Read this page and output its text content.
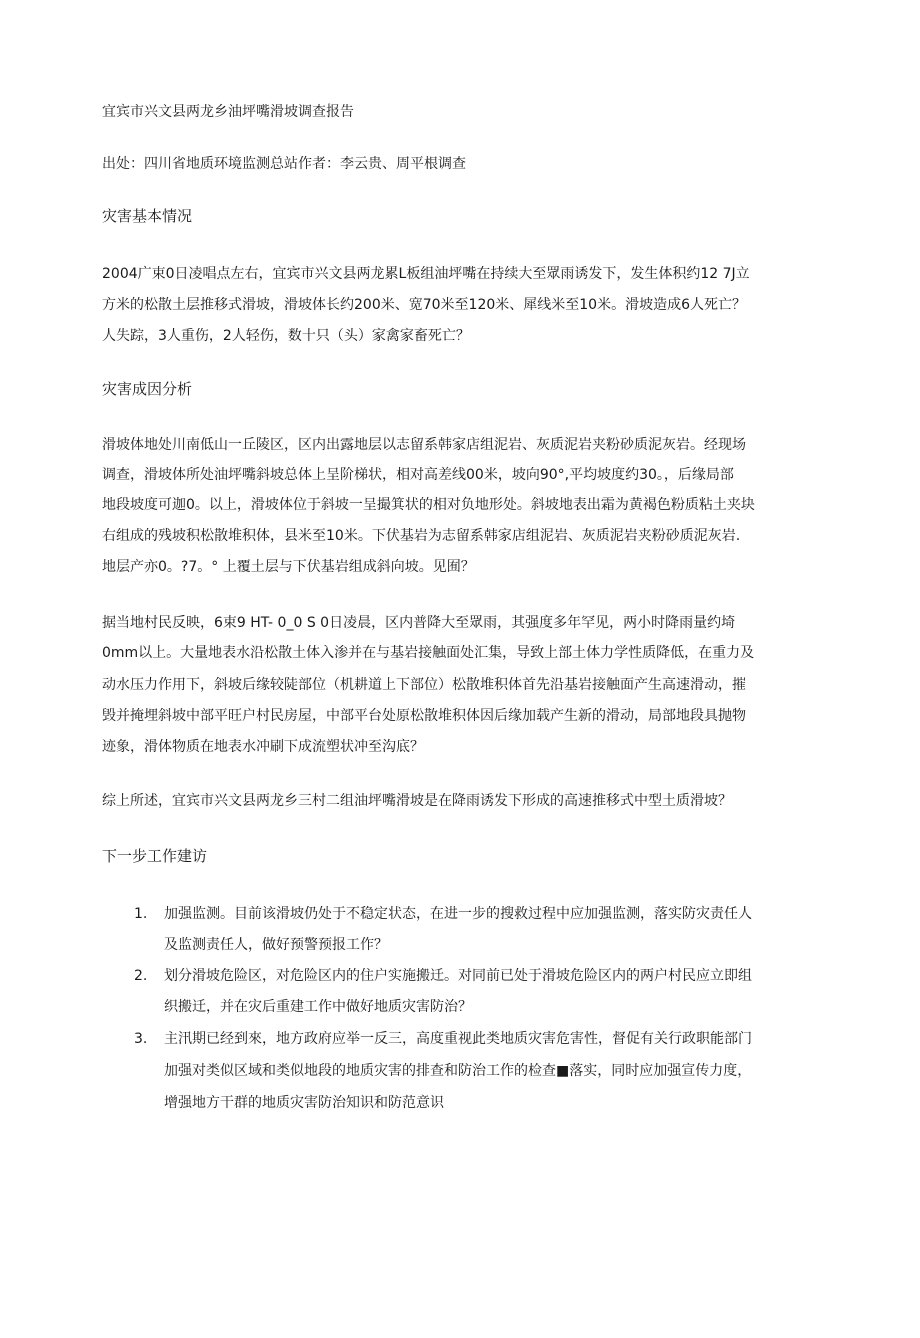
宜宾市兴文县两龙乡油坪嘴滑坡调查报告
出处：四川省地质环境监测总站作者：李云贵、周平根调查
灾害基本情况
2004广束0日凌唱点左右，宜宾市兴文县两龙累L板组油坪嘴在持续大至眾雨诱发下，发生体积约12 7J立
方米的松散土层推移式滑坡，滑坡体长约200米、宽70米至120米、犀线米至10米。滑坡造成6人死亡？
人失踪，3人重伤，2人轻伤，数十只（头）家禽家畜死亡？
灾害成因分析
滑坡体地处川南低山一丘陵区，区内出露地层以志留系韩家店组泥岩、灰质泥岩夹粉砂质泥灰岩。经现场
调查，滑坡体所处油坪嘴斜坡总体上呈阶梯状，相对高差线00米，坡向90°,平均坡度约30。，后缘局部
地段坡度可迦0。以上，滑坡体位于斜坡一呈撮箕状的相对负地形处。斜坡地表出霜为黄褐色粉质粘土夹块
右组成的残坡积松散堆积体，县米至10米。下伏基岩为志留系韩家店组泥岩、灰质泥岩夹粉砂质泥灰岩.
地层产亦0。?7。° 上覆土层与下伏基岩组成斜向坡。见囿？
据当地村民反映，6束9 HT- 0_0 S 0日凌晨，区内普降大至眾雨，其强度多年罕见，两小时降雨量约埼
0mm以上。大量地表水沿松散土体入渗并在与基岩接触面处汇集，导致上部土体力学性质降低，在重力及
动水压力作用下，斜坡后缘较陡部位（机耕道上下部位）松散堆积体首先沿基岩接触面产生高速滑动，摧
毁并掩埋斜坡中部平旺户村民房屋，中部平台处原松散堆积体因后缘加载产生新的滑动，局部地段具抛物
迹象，滑体物质在地表水冲刷下成流塑状冲至沟底？
综上所述，宜宾市兴文县两龙乡三村二组油坪嘴滑坡是在降雨诱发下形成的高速推移式中型土质滑坡？
下一步工作建访
1. 加强监测。目前该滑坡仍处于不稳定状态，在进一步的搜救过程中应加强监测，落实防灾责任人
及监测责任人，做好预警预报工作？
2. 划分滑坡危险区，对危险区内的住户实施搬迁。对同前已处于滑坡危险区内的两户村民应立即组
织搬迁，并在灾后重建工作中做好地质灾害防治？
3. 主汛期已经到來，地方政府应举一反三，高度重视此类地质灾害危害性，督促有关行政职能部门
加强对类似区域和类似地段的地质灾害的排查和防治工作的检查■落实，同时应加强宣传力度，
增强地方干群的地质灾害防治知识和防范意识
